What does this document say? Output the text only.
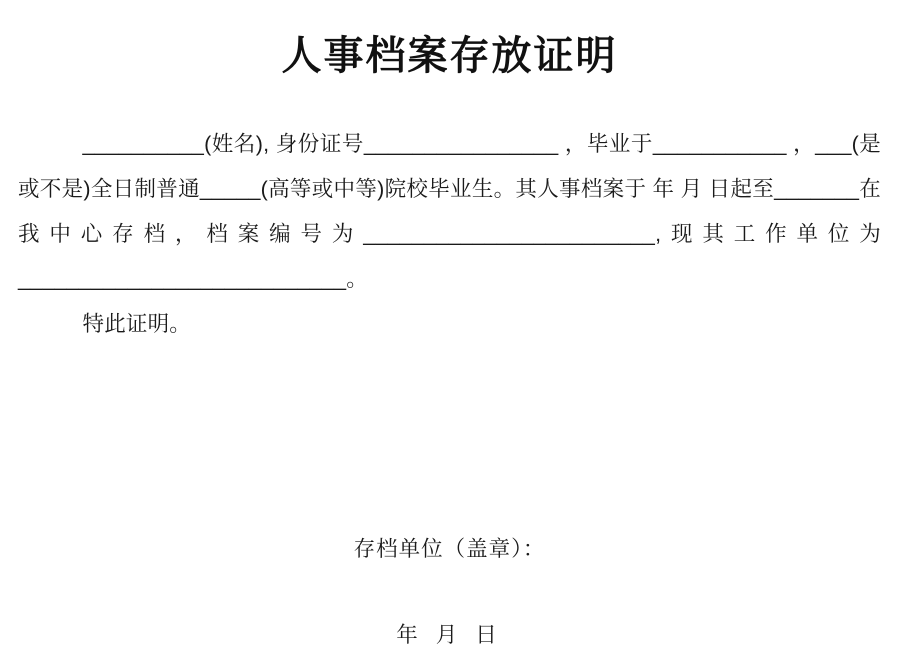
人事档案存放证明

__________(姓名), 身份证号________________ ，毕业于___________ ，___(是或不是)全日制普通_____(高等或中等)院校毕业生。其人事档案于 年 月 日起至_______在我中心存档，档案编号为________________________,现其工作单位为___________________________。

特此证明。

存档单位（盖章）：

年 月 日
